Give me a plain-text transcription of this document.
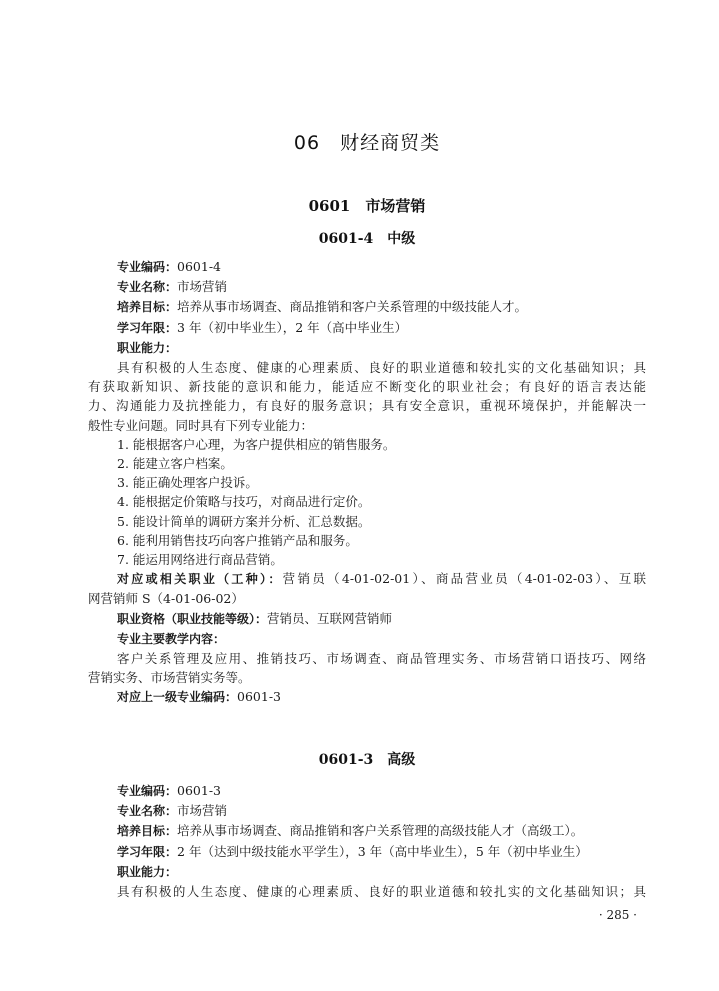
06　财经商贸类
0601　市场营销
0601-4　中级
专业编码：0601-4
专业名称：市场营销
培养目标：培养从事市场调查、商品推销和客户关系管理的中级技能人才。
学习年限：3 年（初中毕业生），2 年（高中毕业生）
职业能力：
具有积极的人生态度、健康的心理素质、良好的职业道德和较扎实的文化基础知识；具
有获取新知识、新技能的意识和能力，能适应不断变化的职业社会；有良好的语言表达能
力、沟通能力及抗挫能力，有良好的服务意识；具有安全意识，重视环境保护，并能解决一
般性专业问题。同时具有下列专业能力：
1. 能根据客户心理，为客户提供相应的销售服务。
2. 能建立客户档案。
3. 能正确处理客户投诉。
4. 能根据定价策略与技巧，对商品进行定价。
5. 能设计简单的调研方案并分析、汇总数据。
6. 能利用销售技巧向客户推销产品和服务。
7. 能运用网络进行商品营销。
对应或相关职业（工种）：营销员（4-01-02-01）、商品营业员（4-01-02-03）、互联
网营销师 S（4-01-06-02）
职业资格（职业技能等级）：营销员、互联网营销师
专业主要教学内容：
客户关系管理及应用、推销技巧、市场调查、商品管理实务、市场营销口语技巧、网络
营销实务、市场营销实务等。
对应上一级专业编码：0601-3
0601-3　高级
专业编码：0601-3
专业名称：市场营销
培养目标：培养从事市场调查、商品推销和客户关系管理的高级技能人才（高级工）。
学习年限：2 年（达到中级技能水平学生），3 年（高中毕业生），5 年（初中毕业生）
职业能力：
具有积极的人生态度、健康的心理素质、良好的职业道德和较扎实的文化基础知识；具
· 285 ·
